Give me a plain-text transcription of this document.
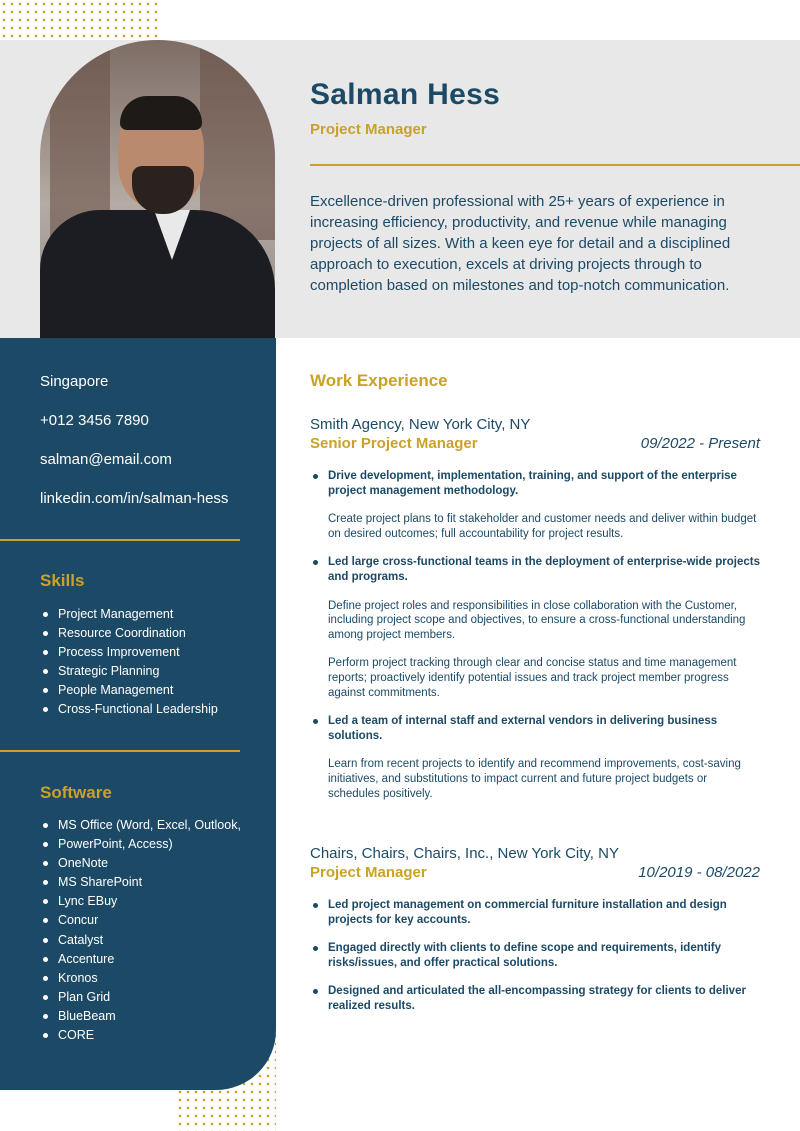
Salman Hess
Project Manager
Excellence-driven professional with 25+ years of experience in increasing efficiency, productivity, and revenue while managing projects of all sizes. With a keen eye for detail and a disciplined approach to execution, excels at driving projects through to completion based on milestones and top-notch communication.
Singapore
+012 3456 7890
salman@email.com
linkedin.com/in/salman-hess
Skills
Project Management
Resource Coordination
Process Improvement
Strategic Planning
People Management
Cross-Functional Leadership
Software
MS Office (Word, Excel, Outlook,
PowerPoint, Access)
OneNote
MS SharePoint
Lync EBuy
Concur
Catalyst
Accenture
Kronos
Plan Grid
BlueBeam
CORE
Work Experience
Smith Agency, New York City, NY
Senior Project Manager	09/2022 - Present
Drive development, implementation, training, and support of the enterprise project management methodology.
Create project plans to fit stakeholder and customer needs and deliver within budget on desired outcomes; full accountability for project results.
Led large cross-functional teams in the deployment of enterprise-wide projects and programs.
Define project roles and responsibilities in close collaboration with the Customer, including project scope and objectives, to ensure a cross-functional understanding among project members.
Perform project tracking through clear and concise status and time management reports; proactively identify potential issues and track project member progress against commitments.
Led a team of internal staff and external vendors in delivering business solutions.
Learn from recent projects to identify and recommend improvements, cost-saving initiatives, and substitutions to impact current and future project budgets or schedules positively.
Chairs, Chairs, Chairs, Inc., New York City, NY
Project Manager	10/2019 - 08/2022
Led project management on commercial furniture installation and design projects for key accounts.
Engaged directly with clients to define scope and requirements, identify risks/issues, and offer practical solutions.
Designed and articulated the all-encompassing strategy for clients to deliver realized results.
